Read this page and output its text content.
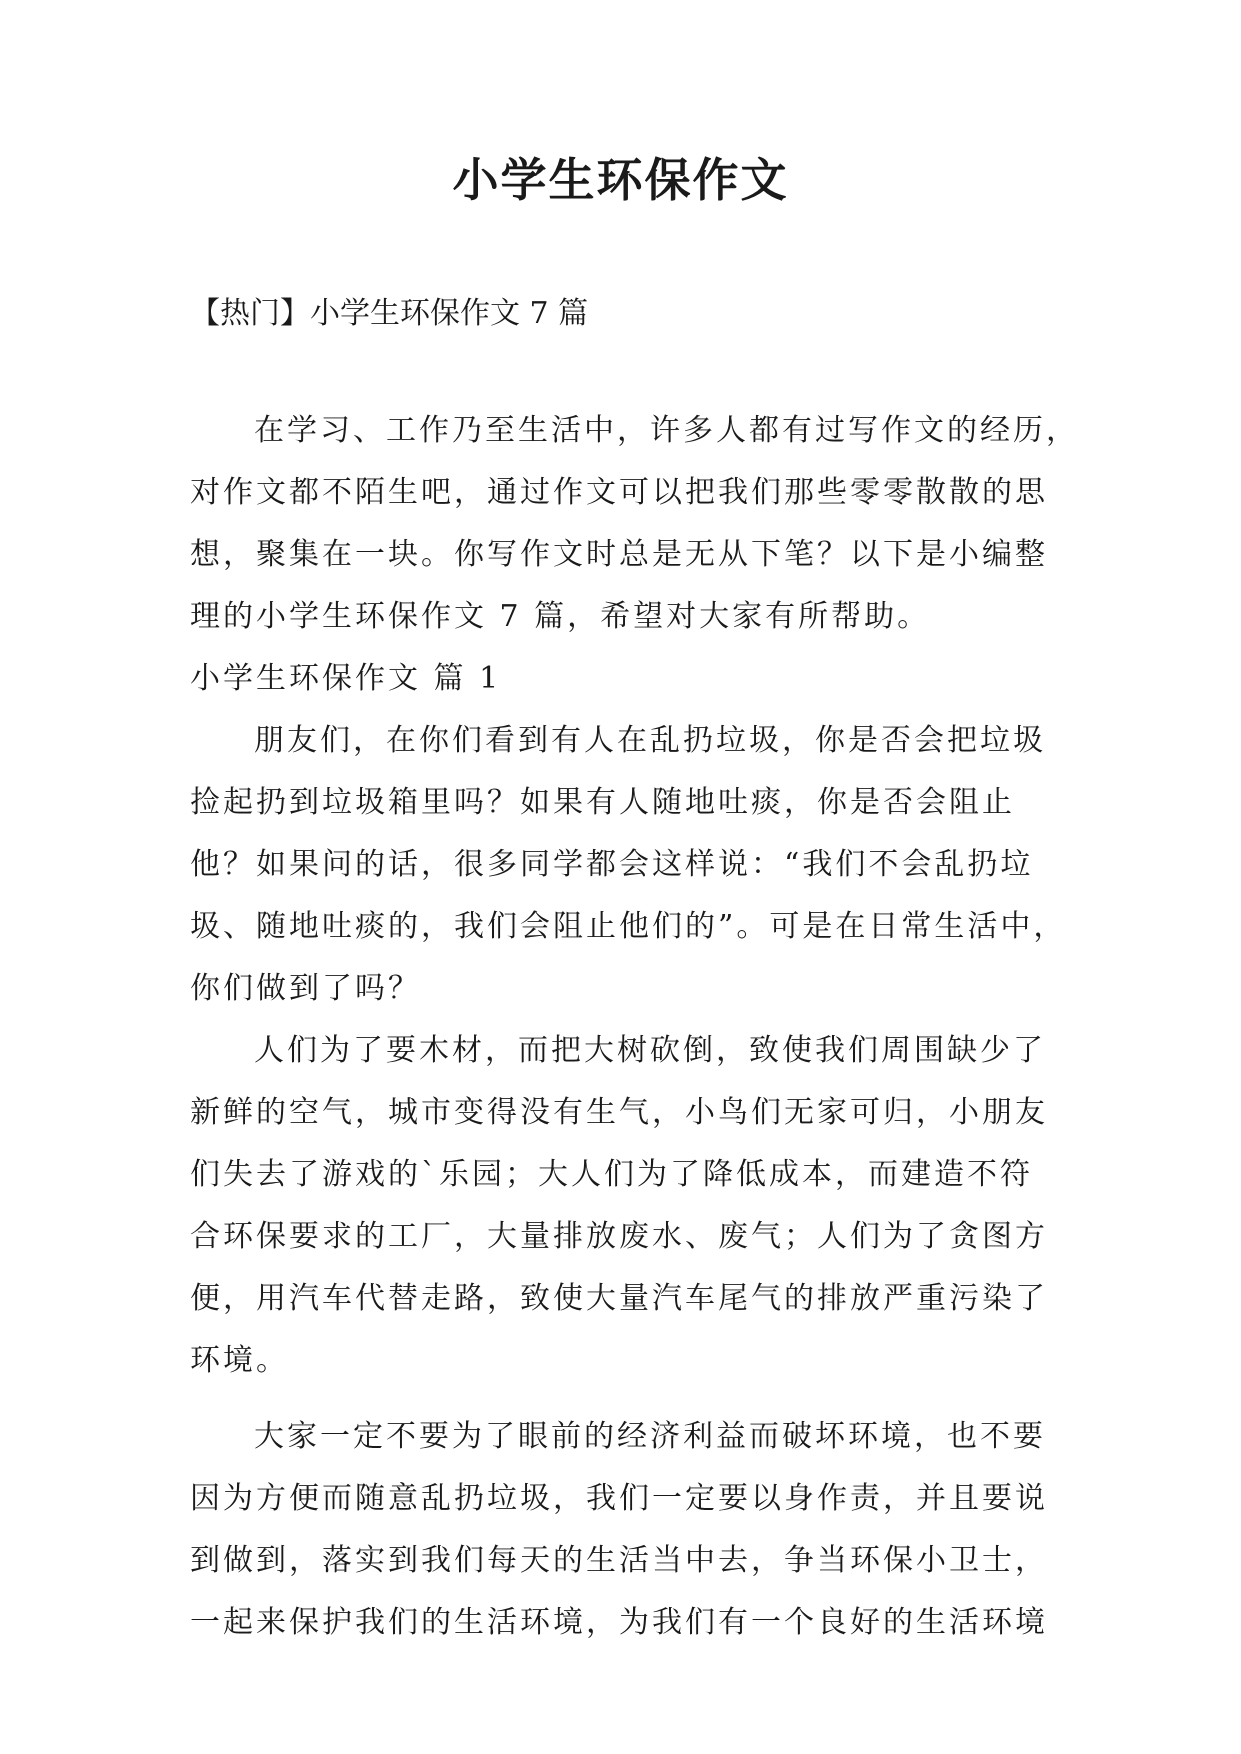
小学生环保作文
【热门】小学生环保作文 7 篇
在学习、工作乃至生活中，许多人都有过写作文的经历，
对作文都不陌生吧，通过作文可以把我们那些零零散散的思
想，聚集在一块。你写作文时总是无从下笔？以下是小编整
理的小学生环保作文 7 篇，希望对大家有所帮助。
小学生环保作文 篇 1
朋友们，在你们看到有人在乱扔垃圾，你是否会把垃圾
捡起扔到垃圾箱里吗？如果有人随地吐痰，你是否会阻止
他？如果问的话，很多同学都会这样说：“我们不会乱扔垃
圾、随地吐痰的，我们会阻止他们的”。可是在日常生活中，
你们做到了吗？
人们为了要木材，而把大树砍倒，致使我们周围缺少了
新鲜的空气，城市变得没有生气，小鸟们无家可归，小朋友
们失去了游戏的`乐园；大人们为了降低成本，而建造不符
合环保要求的工厂，大量排放废水、废气；人们为了贪图方
便，用汽车代替走路，致使大量汽车尾气的排放严重污染了
环境。
大家一定不要为了眼前的经济利益而破坏环境，也不要
因为方便而随意乱扔垃圾，我们一定要以身作责，并且要说
到做到，落实到我们每天的生活当中去，争当环保小卫士，
一起来保护我们的生活环境，为我们有一个良好的生活环境
